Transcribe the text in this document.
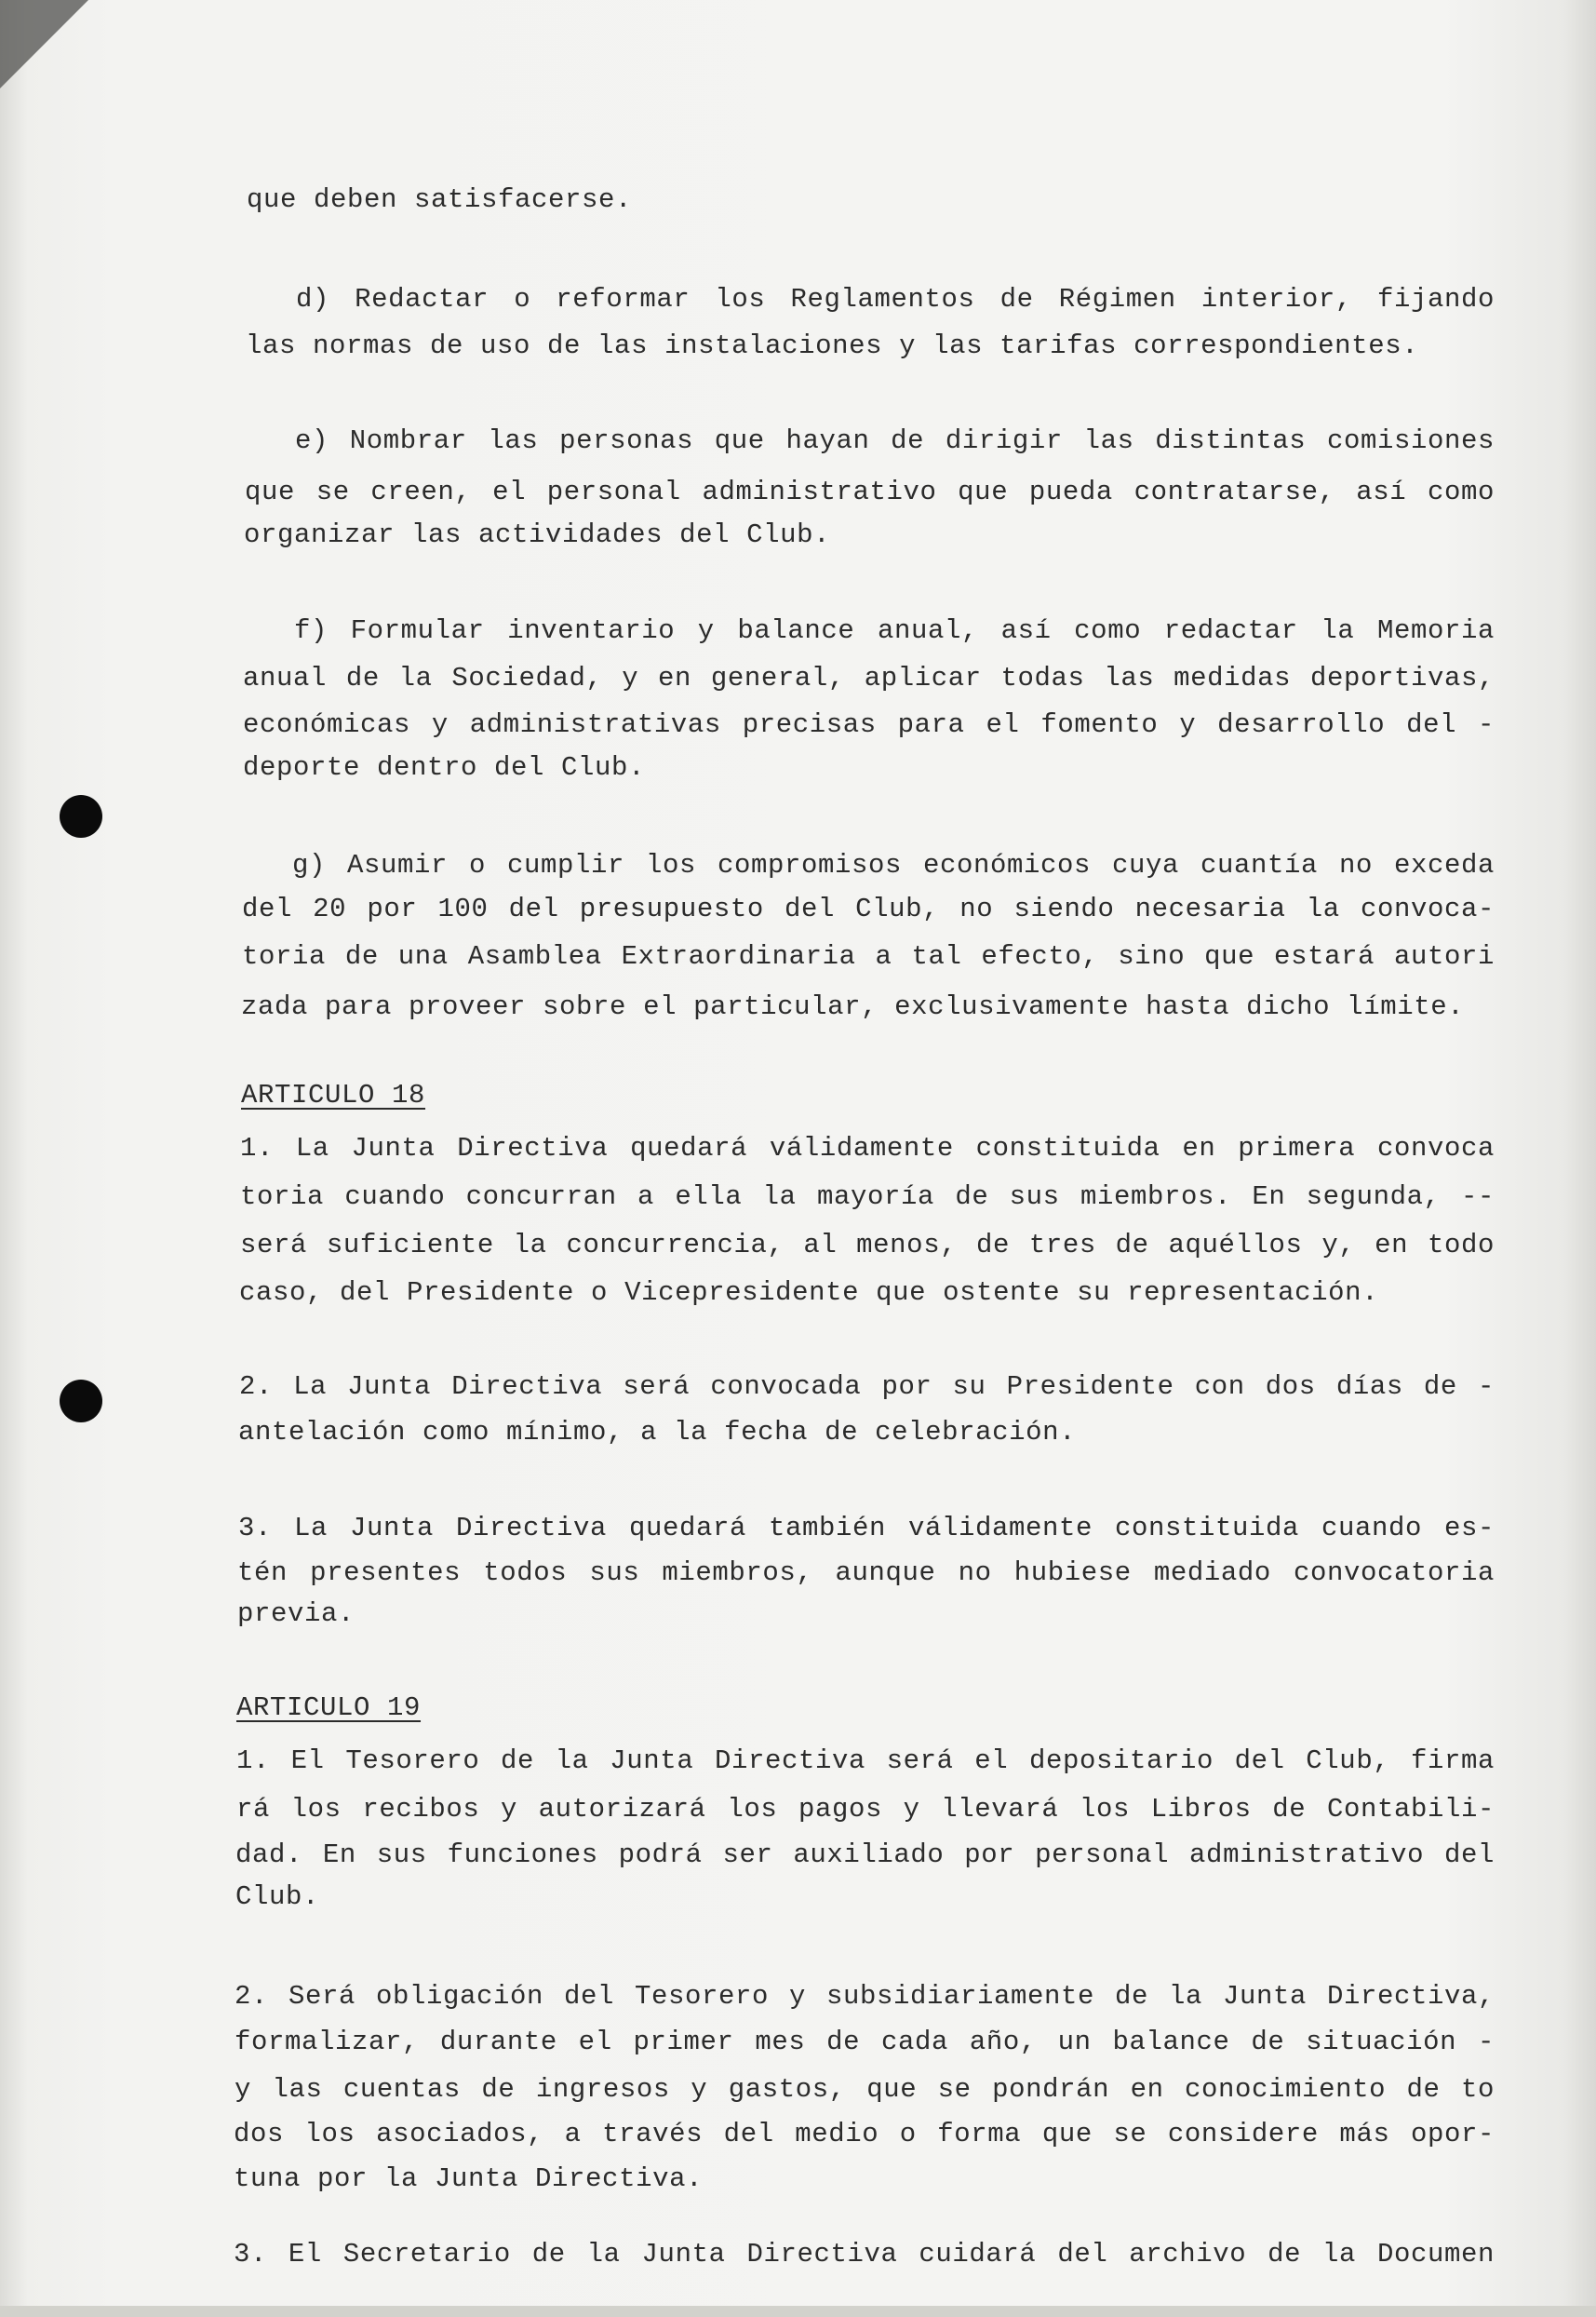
que deben satisfacerse.
d) Redactar o reformar los Reglamentos de Régimen interior, fijando
las normas de uso de las instalaciones y las tarifas correspondientes.
e) Nombrar las personas que hayan de dirigir las distintas comisiones
que se creen, el personal administrativo que pueda contratarse, así como
organizar las actividades del Club.
f) Formular inventario y balance anual, así como redactar la Memoria
anual de la Sociedad, y en general, aplicar todas las medidas deportivas,
económicas y administrativas precisas para el fomento y desarrollo del -
deporte dentro del Club.
g) Asumir o cumplir los compromisos económicos cuya cuantía no exceda
del 20 por 100 del presupuesto del Club, no siendo necesaria la convoca-
toria de una Asamblea Extraordinaria a tal efecto, sino que estará autori
zada para proveer sobre el particular, exclusivamente hasta dicho límite.
ARTICULO 18
1. La Junta Directiva quedará válidamente constituida en primera convoca
toria cuando concurran a ella la mayoría de sus miembros. En segunda, --
será suficiente la concurrencia, al menos, de tres de aquéllos y, en todo
caso, del Presidente o Vicepresidente que ostente su representación.
2. La Junta Directiva será convocada por su Presidente con dos días de -
antelación como mínimo, a la fecha de celebración.
3. La Junta Directiva quedará también válidamente constituida cuando es-
tén presentes todos sus miembros, aunque no hubiese mediado convocatoria
previa.
ARTICULO 19
1. El Tesorero de la Junta Directiva será el depositario del Club, firma
rá los recibos y autorizará los pagos y llevará los Libros de Contabili-
dad. En sus funciones podrá ser auxiliado por personal administrativo del
Club.
2. Será obligación del Tesorero y subsidiariamente de la Junta Directiva,
formalizar, durante el primer mes de cada año, un balance de situación -
y las cuentas de ingresos y gastos, que se pondrán en conocimiento de to
dos los asociados, a través del medio o forma que se considere más opor-
tuna por la Junta Directiva.
3. El Secretario de la Junta Directiva cuidará del archivo de la Documen
